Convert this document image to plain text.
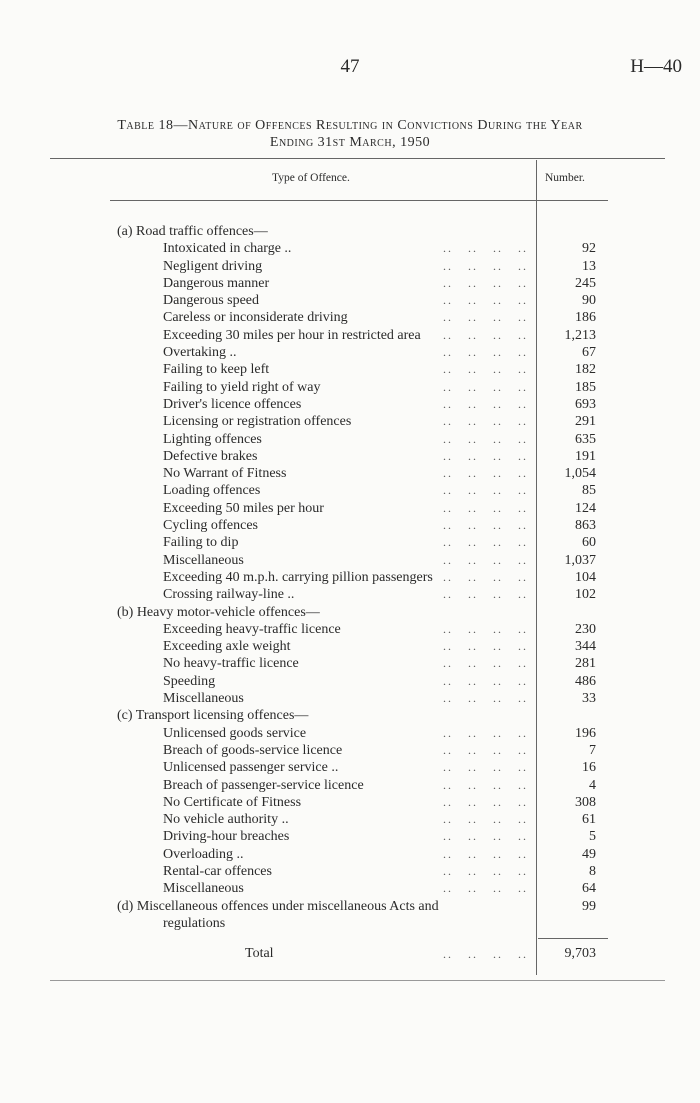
47	H—40
Table 18—Nature of Offences Resulting in Convictions During the Year
Ending 31st March, 1950
Type of Offence.	Number.
(a) Road traffic offences—
Intoxicated in charge ..	..   ..   ..   ..	92
Negligent driving	..   ..   ..   ..	13
Dangerous manner	..   ..   ..   ..	245
Dangerous speed	..   ..   ..   ..	90
Careless or inconsiderate driving	..   ..   ..   ..	186
Exceeding 30 miles per hour in restricted area	..   ..   ..   ..	1,213
Overtaking ..	..   ..   ..   ..	67
Failing to keep left	..   ..   ..   ..	182
Failing to yield right of way	..   ..   ..   ..	185
Driver's licence offences	..   ..   ..   ..	693
Licensing or registration offences	..   ..   ..   ..	291
Lighting offences	..   ..   ..   ..	635
Defective brakes	..   ..   ..   ..	191
No Warrant of Fitness	..   ..   ..   ..	1,054
Loading offences	..   ..   ..   ..	85
Exceeding 50 miles per hour	..   ..   ..   ..	124
Cycling offences	..   ..   ..   ..	863
Failing to dip	..   ..   ..   ..	60
Miscellaneous	..   ..   ..   ..	1,037
Exceeding 40 m.p.h. carrying pillion passengers ..   ..   ..   ..	104
Crossing railway-line ..	..   ..   ..   ..	102
(b) Heavy motor-vehicle offences—
Exceeding heavy-traffic licence	..   ..   ..   ..	230
Exceeding axle weight	..   ..   ..   ..	344
No heavy-traffic licence	..   ..   ..   ..	281
Speeding	..   ..   ..   ..	486
Miscellaneous	..   ..   ..   ..	33
(c) Transport licensing offences—
Unlicensed goods service	..   ..   ..   ..	196
Breach of goods-service licence	..   ..   ..   ..	7
Unlicensed passenger service ..	..   ..   ..   ..	16
Breach of passenger-service licence	..   ..   ..   ..	4
No Certificate of Fitness	..   ..   ..   ..	308
No vehicle authority ..	..   ..   ..   ..	61
Driving-hour breaches	..   ..   ..   ..	5
Overloading ..	..   ..   ..   ..	49
Rental-car offences	..   ..   ..   ..	8
Miscellaneous	..   ..   ..   ..	64
(d) Miscellaneous offences under miscellaneous Acts and	99
regulations
Total	..   ..   ..   ..	9,703
